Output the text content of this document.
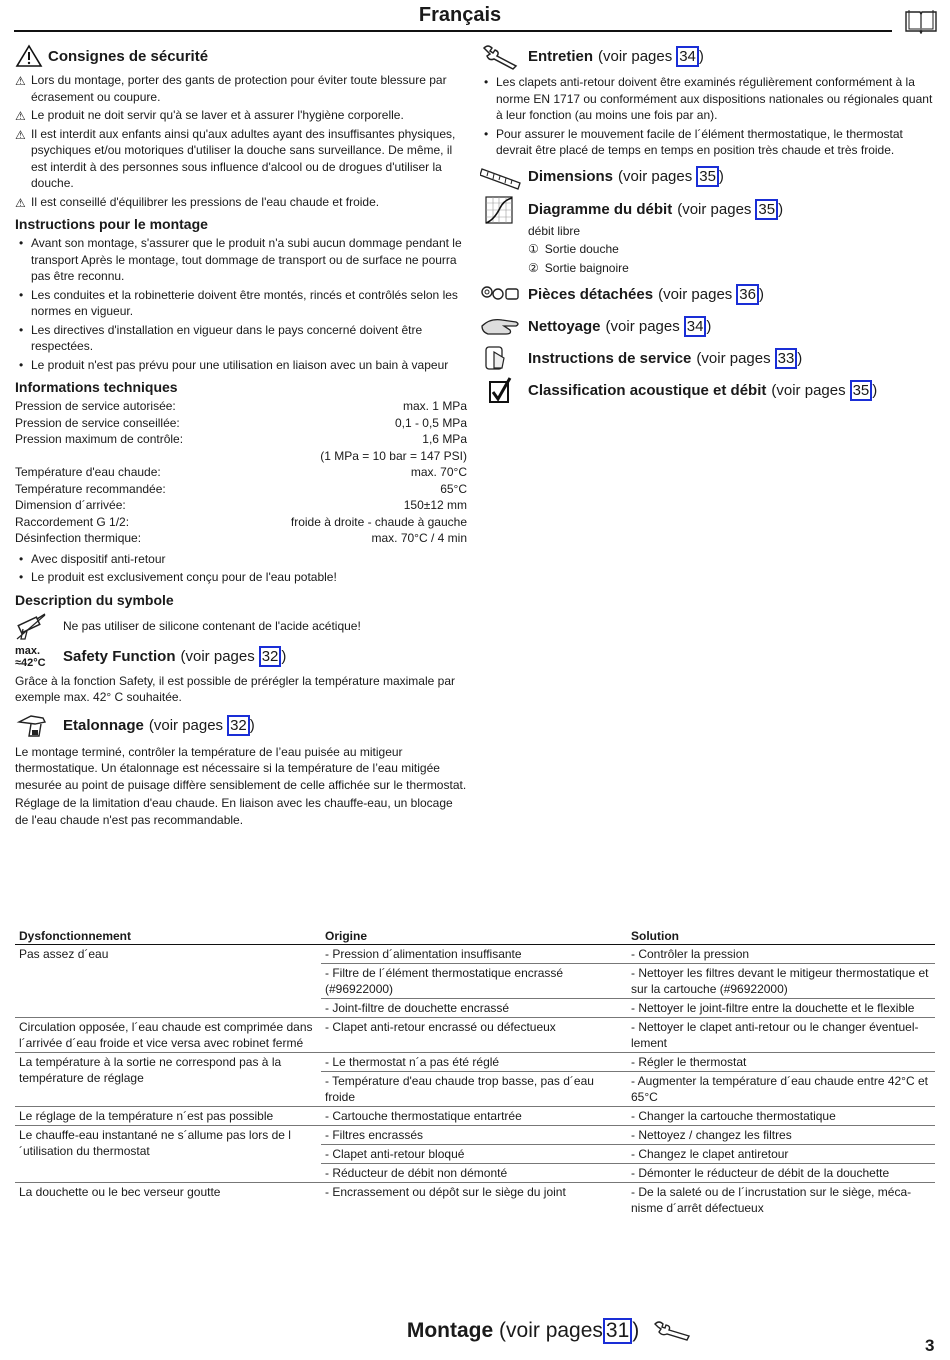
Français
Consignes de sécurité
⚠ Lors du montage, porter des gants de protection pour éviter toute blessure par écrasement ou coupure.
⚠ Le produit ne doit servir qu'à se laver et à assurer l'hygiène corporelle.
⚠ Il est interdit aux enfants ainsi qu'aux adultes ayant des insuffisantes physiques, psychiques et/ou motoriques d'utiliser la douche sans surveillance. De même, il est interdit à des personnes sous influence d'alcool ou de drogues d'utiliser la douche.
⚠ Il est conseillé d'équilibrer les pressions de l'eau chaude et froide.
Instructions pour le montage
• Avant son montage, s'assurer que le produit n'a subi aucun dommage pendant le transport Après le montage, tout dommage de transport ou de surface ne pourra pas être reconnu.
• Les conduites et la robinetterie doivent être montés, rincés et contrôlés selon les normes en vigueur.
• Les directives d'installation en vigueur dans le pays concerné doivent être respectées.
• Le produit n'est pas prévu pour une utilisation en liaison avec un bain à vapeur
Informations techniques
Pression de service autorisée:	max. 1 MPa
Pression de service conseillée:	0,1 - 0,5 MPa
Pression maximum de contrôle:	1,6 MPa
(1 MPa = 10 bar = 147 PSI)
Température d'eau chaude:	max. 70°C
Température recommandée:	65°C
Dimension d´arrivée:	150±12 mm
Raccordement G 1/2:	froide à droite - chaude à gauche
Désinfection thermique:	max. 70°C / 4 min
• Avec dispositif anti-retour
• Le produit est exclusivement conçu pour de l'eau potable!
Description du symbole
Ne pas utiliser de silicone contenant de l'acide acétique!
max.
≈42°C	Safety Function (voir pages 32 )

Grâce à la fonction Safety, il est possible de prérégler la température maximale par exemple max. 42° C souhaitée.

Etalonnage (voir pages 32 )

Le montage terminé, contrôler la température de l’eau puisée au mitigeur thermostatique. Un étalonnage est nécessaire si la température de l’eau mitigée mesurée au point de puisage diffère sensiblement de celle affichée sur le thermostat.

Réglage de la limitation d'eau chaude. En liaison avec les chauffe-eau, un blocage de l'eau chaude n'est pas recommandable.

Entretien (voir pages 34 )
• Les clapets anti-retour doivent être examinés régulièrement conformément à la norme EN 1717 ou conformément aux dispositions nationales ou régionales quant à leur fonction (au moins une fois par an).
• Pour assurer le mouvement facile de l´élément thermostatique, le thermostat devrait être placé de temps en temps en position très chaude et très froide.
Dimensions (voir pages 35 )
Diagramme du débit (voir pages 35 )

débit libre

① Sortie douche

② Sortie baignoire

Pièces détachées (voir pages 36 )
Nettoyage (voir pages 34 )
Instructions de service (voir pages 33 )
Classification acoustique et débit (voir pages 35 )
Dysfonctionnement	Origine	Solution
Pas assez d´eau	- Pression d´alimentation insuffisante	- Contrôler la pression
	- Filtre de l´élément thermostatique encrassé (#96922000)	- Nettoyer les filtres devant le mitigeur thermostatique et sur la cartouche (#96922000)
	- Joint-filtre de douchette encrassé	- Nettoyer le joint-filtre entre la douchette et le flexible
Circulation opposée, l´eau chaude est comprimée dans l´arrivée d´eau froide et vice versa avec robinet fermé	- Clapet anti-retour encrassé ou défectueux	- Nettoyer le clapet anti-retour ou le changer éventuel-lement
La température à la sortie ne correspond pas à la température de réglage	- Le thermostat n´a pas été réglé	- Régler le thermostat
	- Température d'eau chaude trop basse, pas d´eau froide	- Augmenter la température d´eau chaude entre 42°C et 65°C
Le réglage de la température n´est pas possible	- Cartouche thermostatique entartrée	- Changer la cartouche thermostatique
Le chauffe-eau instantané ne s´allume pas lors de l´utilisation du thermostat	- Filtres encrassés	- Nettoyez / changez les filtres
	- Clapet anti-retour bloqué	- Changez le clapet antiretour
	- Réducteur de débit non démonté	- Démonter le réducteur de débit de la douchette
La douchette ou le bec verseur goutte	- Encrassement ou dépôt sur le siège du joint	- De la saleté ou de l´incrustation sur le siège, méca-nisme d´arrêt défectueux
Montage (voir pages 31 )
3
